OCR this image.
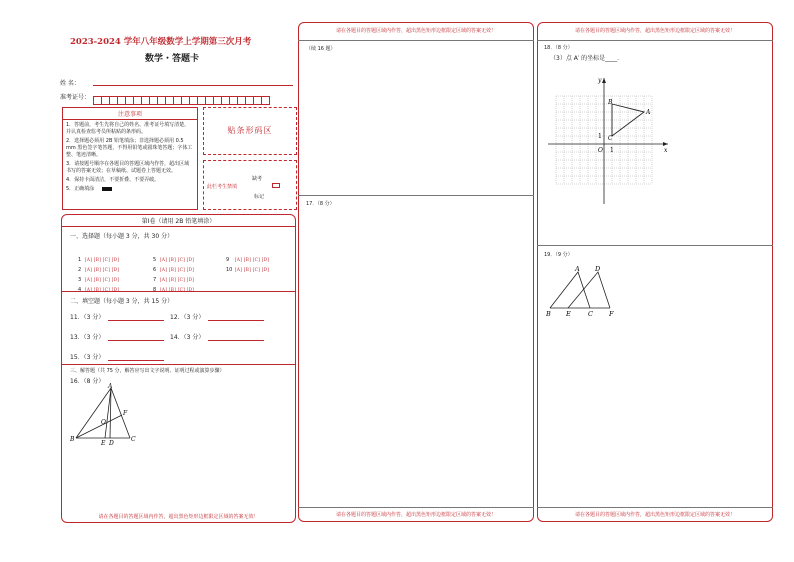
2023-2024 学年八年级数学上学期第三次月考
数学・答题卡
姓 名：
准考证号：
注意事项
1．答题前，考生先将自己的姓名、准考证号填写清楚，并认真检查监考员所粘贴的条形码。
2．选择题必须用 2B 铅笔填涂；非选择题必须用 0.5 mm 黑色签字笔答题，不得用铅笔或圆珠笔答题；字体工整、笔迹清晰。
3．请按题号顺序在各题目的答题区域内作答，超出区域书写的答案无效；在草稿纸、试题卷上答题无效。
4．保持卡面清洁，不要折叠、不要弄破。
5．正确填涂
贴条形码区
缺考
此栏考生禁填
标记
第Ⅰ卷（请用 2B 铅笔填涂）
一、选择题（每小题 3 分，共 30 分）
1 [A] [B] [C] [D]
2 [A] [B] [C] [D]
3 [A] [B] [C] [D]
4 [A] [B] [C] [D]
5 [A] [B] [C] [D]
6 [A] [B] [C] [D]
7 [A] [B] [C] [D]
8 [A] [B] [C] [D]
9 [A] [B] [C] [D]
10 [A] [B] [C] [D]
二、填空题（每小题 3 分，共 15 分）
11．（3 分）	12．（3 分）
13．（3 分）	14．（3 分）
15．（3 分）
三、解答题（共 75 分，解答应写出文字说明、证明过程或演算步骤）
16．（8 分）
A
B	C
D
E
F
O
请在各题目的答题区域内作答，超出黑色矩形边框限定区域的答案无效！
请在各题目的答题区域内作答，超出黑色矩形边框限定区域的答案无效！
（续 16 题）
17．（8 分）
请在各题目的答题区域内作答，超出黑色矩形边框限定区域的答案无效！
请在各题目的答题区域内作答，超出黑色矩形边框限定区域的答案无效！
18．（8 分）
（3）点 A′ 的坐标是____.
x
y
O 1
1
A
B
C
19．（9 分）
A D
B E	C F
请在各题目的答题区域内作答，超出黑色矩形边框限定区域的答案无效！
